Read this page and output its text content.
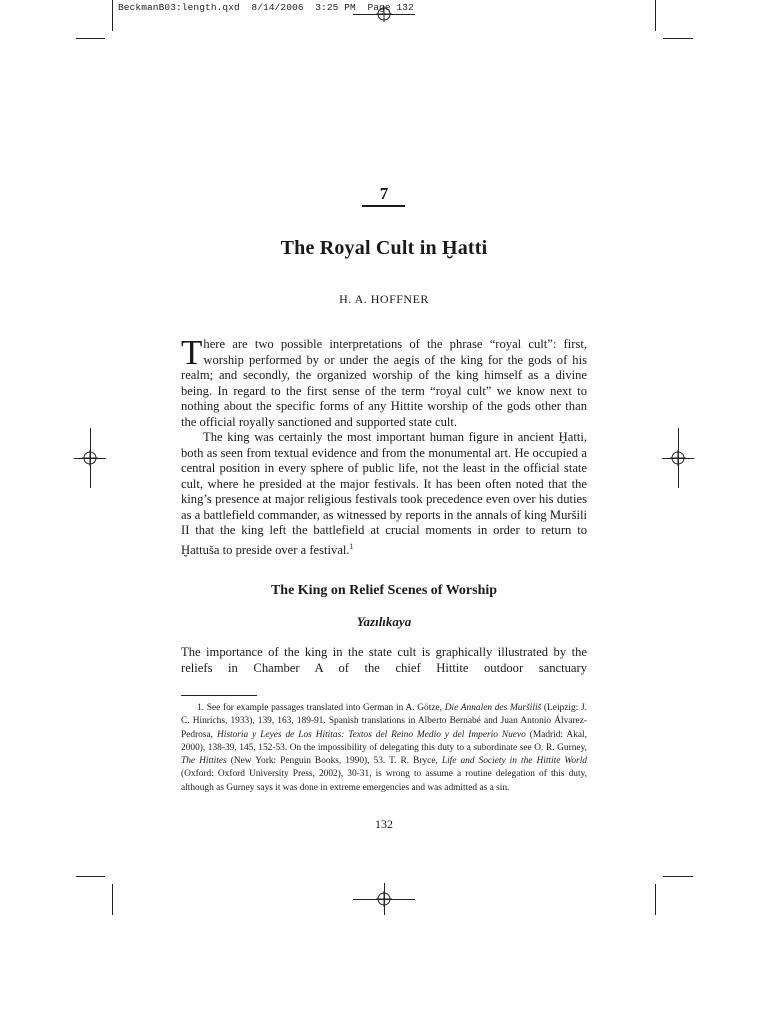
BeckmanB03:length.qxd  8/14/2006  3:25 PM  Page 132
7
The Royal Cult in Ḫatti
H. A. HOFFNER

There are two possible interpretations of the phrase “royal cult”: first, worship performed by or under the aegis of the king for the gods of his realm; and secondly, the organized worship of the king himself as a divine being. In regard to the first sense of the term “royal cult” we know next to nothing about the specific forms of any Hittite worship of the gods other than the official royally sanctioned and supported state cult.

The king was certainly the most important human figure in ancient Ḫatti, both as seen from textual evidence and from the monumental art. He occupied a central position in every sphere of public life, not the least in the official state cult, where he presided at the major festivals. It has been often noted that the king’s presence at major religious festivals took precedence even over his duties as a battlefield commander, as witnessed by reports in the annals of king Muršili II that the king left the battlefield at crucial moments in order to return to Ḫattuša to preside over a festival.$^1$

The King on Relief Scenes of Worship
Yazılıkaya

The importance of the king in the state cult is graphically illustrated by the reliefs in Chamber A of the chief Hittite outdoor sanctuary

1. See for example passages translated into German in A. Götze, Die Annalen des Muršiliš (Leipzig: J. C. Hinrichs, 1933), 139, 163, 189-91. Spanish translations in Alberto Bernabé and Juan Antonio Álvarez-Pedrosa, Historia y Leyes de Los Hititas: Textos del Reino Medio y del Imperio Nuevo (Madrid: Akal, 2000), 138-39, 145, 152-53. On the impossibility of delegating this duty to a subordinate see O. R. Gurney, The Hittites (New York: Penguin Books, 1990), 53. T. R. Bryce, Life and Society in the Hittite World (Oxford: Oxford University Press, 2002), 30-31, is wrong to assume a routine delegation of this duty, although as Gurney says it was done in extreme emergencies and was admitted as a sin.

132
